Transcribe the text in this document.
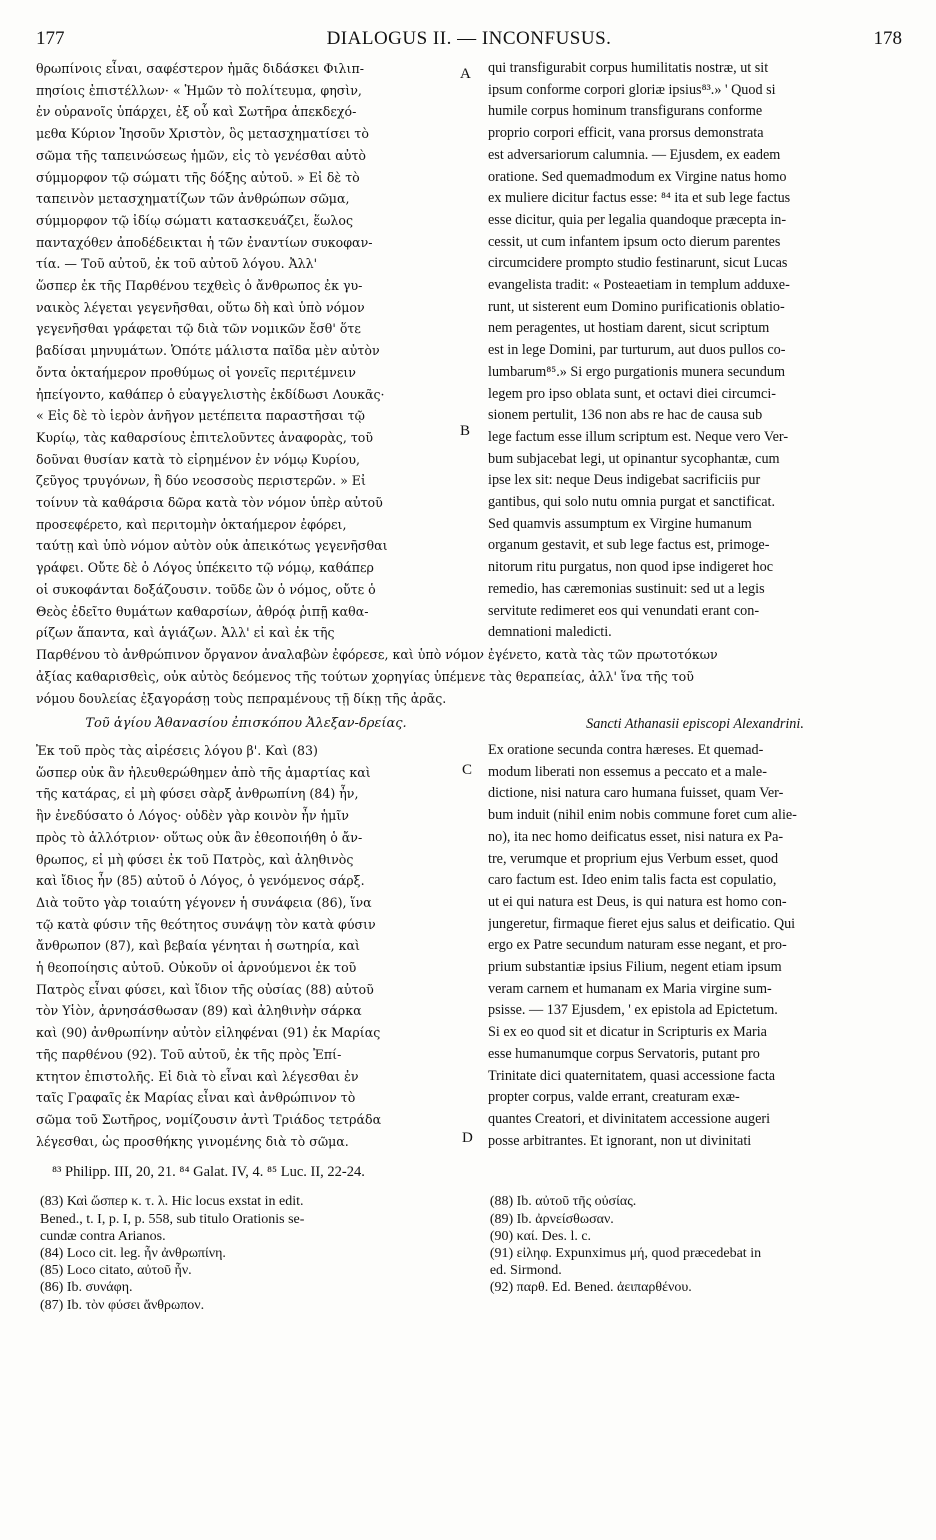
177	DIALOGUS II. — INCONFUSUS.	178
θρωπίνοις εἶναι, σαφέστερον ἡμᾶς διδάσκει Φιλιπ-
πησίοις ἐπιστέλλων· « Ἡμῶν τὸ πολίτευμα, φησὶν,
ἐν οὐρανοῖς ὑπάρχει, ἐξ οὗ καὶ Σωτῆρα ἀπεκδεχό-
μεθα Κύριον Ἰησοῦν Χριστὸν, ὃς μετασχηματίσει τὸ
σῶμα τῆς ταπεινώσεως ἡμῶν, εἰς τὸ γενέσθαι αὐτὸ
σύμμορφον τῷ σώματι τῆς δόξης αὐτοῦ. » Εἰ δὲ τὸ
ταπεινὸν μετασχηματίζων τῶν ἀνθρώπων σῶμα,
σύμμορφον τῷ ἰδίῳ σώματι κατασκευάζει, ἕωλος
πανταχόθεν ἀποδέδεικται ἡ τῶν ἐναντίων συκοφαν-
τία. — Τοῦ αὐτοῦ, ἐκ τοῦ αὐτοῦ λόγου. Ἀλλ'
ὥσπερ ἐκ τῆς Παρθένου τεχθεὶς ὁ ἄνθρωπος ἐκ γυ-
ναικὸς λέγεται γεγενῆσθαι, οὕτω δὴ καὶ ὑπὸ νόμον
γεγενῆσθαι γράφεται τῷ διὰ τῶν νομικῶν ἔσθ' ὅτε
βαδίσαι μηνυμάτων. Ὁπότε μάλιστα παῖδα μὲν αὐτὸν
ὄντα ὀκταήμερον προθύμως οἱ γονεῖς περιτέμνειν
ἠπείγοντο, καθάπερ ὁ εὐαγγελιστὴς ἐκδίδωσι Λουκᾶς·
« Εἰς δὲ τὸ ἱερὸν ἀνῆγον μετέπειτα παραστῆσαι τῷ
Κυρίῳ, τὰς καθαρσίους ἐπιτελοῦντες ἀναφορὰς, τοῦ
δοῦναι θυσίαν κατὰ τὸ εἰρημένον ἐν νόμῳ Κυρίου,
ζεῦγος τρυγόνων, ἢ δύο νεοσσοὺς περιστερῶν. » Εἰ
τοίνυν τὰ καθάρσια δῶρα κατὰ τὸν νόμον ὑπὲρ αὐτοῦ
προσεφέρετο, καὶ περιτομὴν ὀκταήμερον ἐφόρει,
ταύτῃ καὶ ὑπὸ νόμον αὐτὸν οὐκ ἀπεικότως γεγενῆσθαι
γράφει. Οὔτε δὲ ὁ Λόγος ὑπέκειτο τῷ νόμῳ, καθάπερ
οἱ συκοφάνται δοξάζουσιν. τοῦδε ὢν ὁ νόμος, οὔτε ὁ
Θεὸς ἐδεῖτο θυμάτων καθαρσίων, ἀθρόᾳ ῥιπῇ καθα-
ρίζων ἅπαντα, καὶ ἁγιάζων. Ἀλλ' εἰ καὶ ἐκ τῆς
qui transfigurabit corpus humilitatis nostræ, ut sit
ipsum conforme corpori gloriæ ipsius⁸³.» ' Quod si
humile corpus hominum transfigurans conforme
proprio corpori efficit, vana prorsus demonstrata
est adversariorum calumnia. — Ejusdem, ex eadem
oratione. Sed quemadmodum ex Virgine natus homo
ex muliere dicitur factus esse: ⁸⁴ ita et sub lege factus
esse dicitur, quia per legalia quandoque præcepta in-
cessit, ut cum infantem ipsum octo dierum parentes
circumcidere prompto studio festinarunt, sicut Lucas
evangelista tradit: « Posteaetiam in templum adduxe-
runt, ut sisterent eum Domino purificationis oblatio-
nem peragentes, ut hostiam darent, sicut scriptum
est in lege Domini, par turturum, aut duos pullos co-
lumbarum⁸⁵.» Si ergo purgationis munera secundum
legem pro ipso oblata sunt, et octavi diei circumci-
sionem pertulit, 136 non abs re hac de causa sub
lege factum esse illum scriptum est. Neque vero Ver-
bum subjacebat legi, ut opinantur sycophantæ, cum
ipse lex sit: neque Deus indigebat sacrificiis pur
gantibus, qui solo nutu omnia purgat et sanctificat.
Sed quamvis assumptum ex Virgine humanum
organum gestavit, et sub lege factus est, primoge-
nitorum ritu purgatus, non quod ipse indigeret hoc
remedio, has cæremonias sustinuit: sed ut a legis
servitute redimeret eos qui venundati erant con-
demnationi maledicti.
Παρθένου τὸ ἀνθρώπινον ὄργανον ἀναλαβὼν ἐφόρεσε, καὶ ὑπὸ νόμον ἐγένετο, κατὰ τὰς τῶν πρωτοτόκων
ἀξίας καθαρισθεὶς, οὐκ αὐτὸς δεόμενος τῆς τούτων χορηγίας ὑπέμενε τὰς θεραπείας, ἀλλ' ἵνα τῆς τοῦ
νόμου δουλείας ἐξαγοράσῃ τοὺς πεπραμένους τῇ δίκῃ τῆς ἀρᾶς.
Τοῦ ἁγίου Ἀθανασίου ἐπισκόπου Ἀλεξαν-δρείας.	Sancti Athanasii episcopi Alexandrini.
Ἐκ τοῦ πρὸς τὰς αἱρέσεις λόγου β'. Καὶ (83)
ὥσπερ οὐκ ἂν ἠλευθερώθημεν ἀπὸ τῆς ἁμαρτίας καὶ
τῆς κατάρας, εἰ μὴ φύσει σὰρξ ἀνθρωπίνη (84) ἦν,
ἣν ἐνεδύσατο ὁ Λόγος· οὐδὲν γὰρ κοινὸν ἦν ἡμῖν
πρὸς τὸ ἀλλότριον· οὕτως οὐκ ἂν ἐθεοποιήθη ὁ ἄν-
θρωπος, εἰ μὴ φύσει ἐκ τοῦ Πατρὸς, καὶ ἀληθινὸς
καὶ ἴδιος ἦν (85) αὐτοῦ ὁ Λόγος, ὁ γενόμενος σάρξ.
Διὰ τοῦτο γὰρ τοιαύτη γέγονεν ἡ συνάφεια (86), ἵνα
τῷ κατὰ φύσιν τῆς θεότητος συνάψῃ τὸν κατὰ φύσιν
ἄνθρωπον (87), καὶ βεβαία γένηται ἡ σωτηρία, καὶ
ἡ θεοποίησις αὐτοῦ. Οὐκοῦν οἱ ἀρνούμενοι ἐκ τοῦ
Πατρὸς εἶναι φύσει, καὶ ἴδιον τῆς οὐσίας (88) αὐτοῦ
τὸν Υἱὸν, ἀρνησάσθωσαν (89) καὶ ἀληθινὴν σάρκα
καὶ (90) ἀνθρωπίνην αὐτὸν εἰληφέναι (91) ἐκ Μαρίας
τῆς παρθένου (92). Τοῦ αὐτοῦ, ἐκ τῆς πρὸς Ἐπί-
κτητον ἐπιστολῆς. Εἰ διὰ τὸ εἶναι καὶ λέγεσθαι ἐν
ταῖς Γραφαῖς ἐκ Μαρίας εἶναι καὶ ἀνθρώπινον τὸ
σῶμα τοῦ Σωτῆρος, νομίζουσιν ἀντὶ Τριάδος τετράδα
λέγεσθαι, ὡς προσθήκης γινομένης διὰ τὸ σῶμα.
Ex oratione secunda contra hæreses. Et quemad-
modum liberati non essemus a peccato et a male-
dictione, nisi natura caro humana fuisset, quam Ver-
bum induit (nihil enim nobis commune foret cum alie-
no), ita nec homo deificatus esset, nisi natura ex Pa-
tre, verumque et proprium ejus Verbum esset, quod
caro factum est. Ideo enim talis facta est copulatio,
ut ei qui natura est Deus, is qui natura est homo con-
jungeretur, firmaque fieret ejus salus et deificatio. Qui
ergo ex Patre secundum naturam esse negant, et pro-
prium substantiæ ipsius Filium, negent etiam ipsum
veram carnem et humanam ex Maria virgine sum-
psisse. — 137 Ejusdem, ' ex epistola ad Epictetum.
Si ex eo quod sit et dicatur in Scripturis ex Maria
esse humanumque corpus Servatoris, putant pro
Trinitate dici quaternitatem, quasi accessione facta
propter corpus, valde errant, creaturam exæ-
quantes Creatori, et divinitatem accessione augeri
posse arbitrantes. Et ignorant, non ut divinitati
⁸³ Philipp. III, 20, 21. ⁸⁴ Galat. IV, 4. ⁸⁵ Luc. II, 22-24.
(83) Καὶ ὥσπερ κ. τ. λ. Hic locus exstat in edit.
Bened., t. I, p. I, p. 558, sub titulo Orationis se-
cundæ contra Arianos.
(84) Loco cit. leg. ἦν ἀνθρωπίνη.
(85) Loco citato, αὐτοῦ ἦν.
(86) Ib. συνάφη.
(87) Ib. τὸν φύσει ἄνθρωπον.
(88) Ib. αὐτοῦ τῆς οὐσίας.
(89) Ib. ἀρνείσθωσαν.
(90) καί. Des. l. c.
(91) εἰληφ. Expunximus μή, quod præcedebat in
ed. Sirmond.
(92) παρθ. Ed. Bened. ἀειπαρθένου.
A
B
C
D
